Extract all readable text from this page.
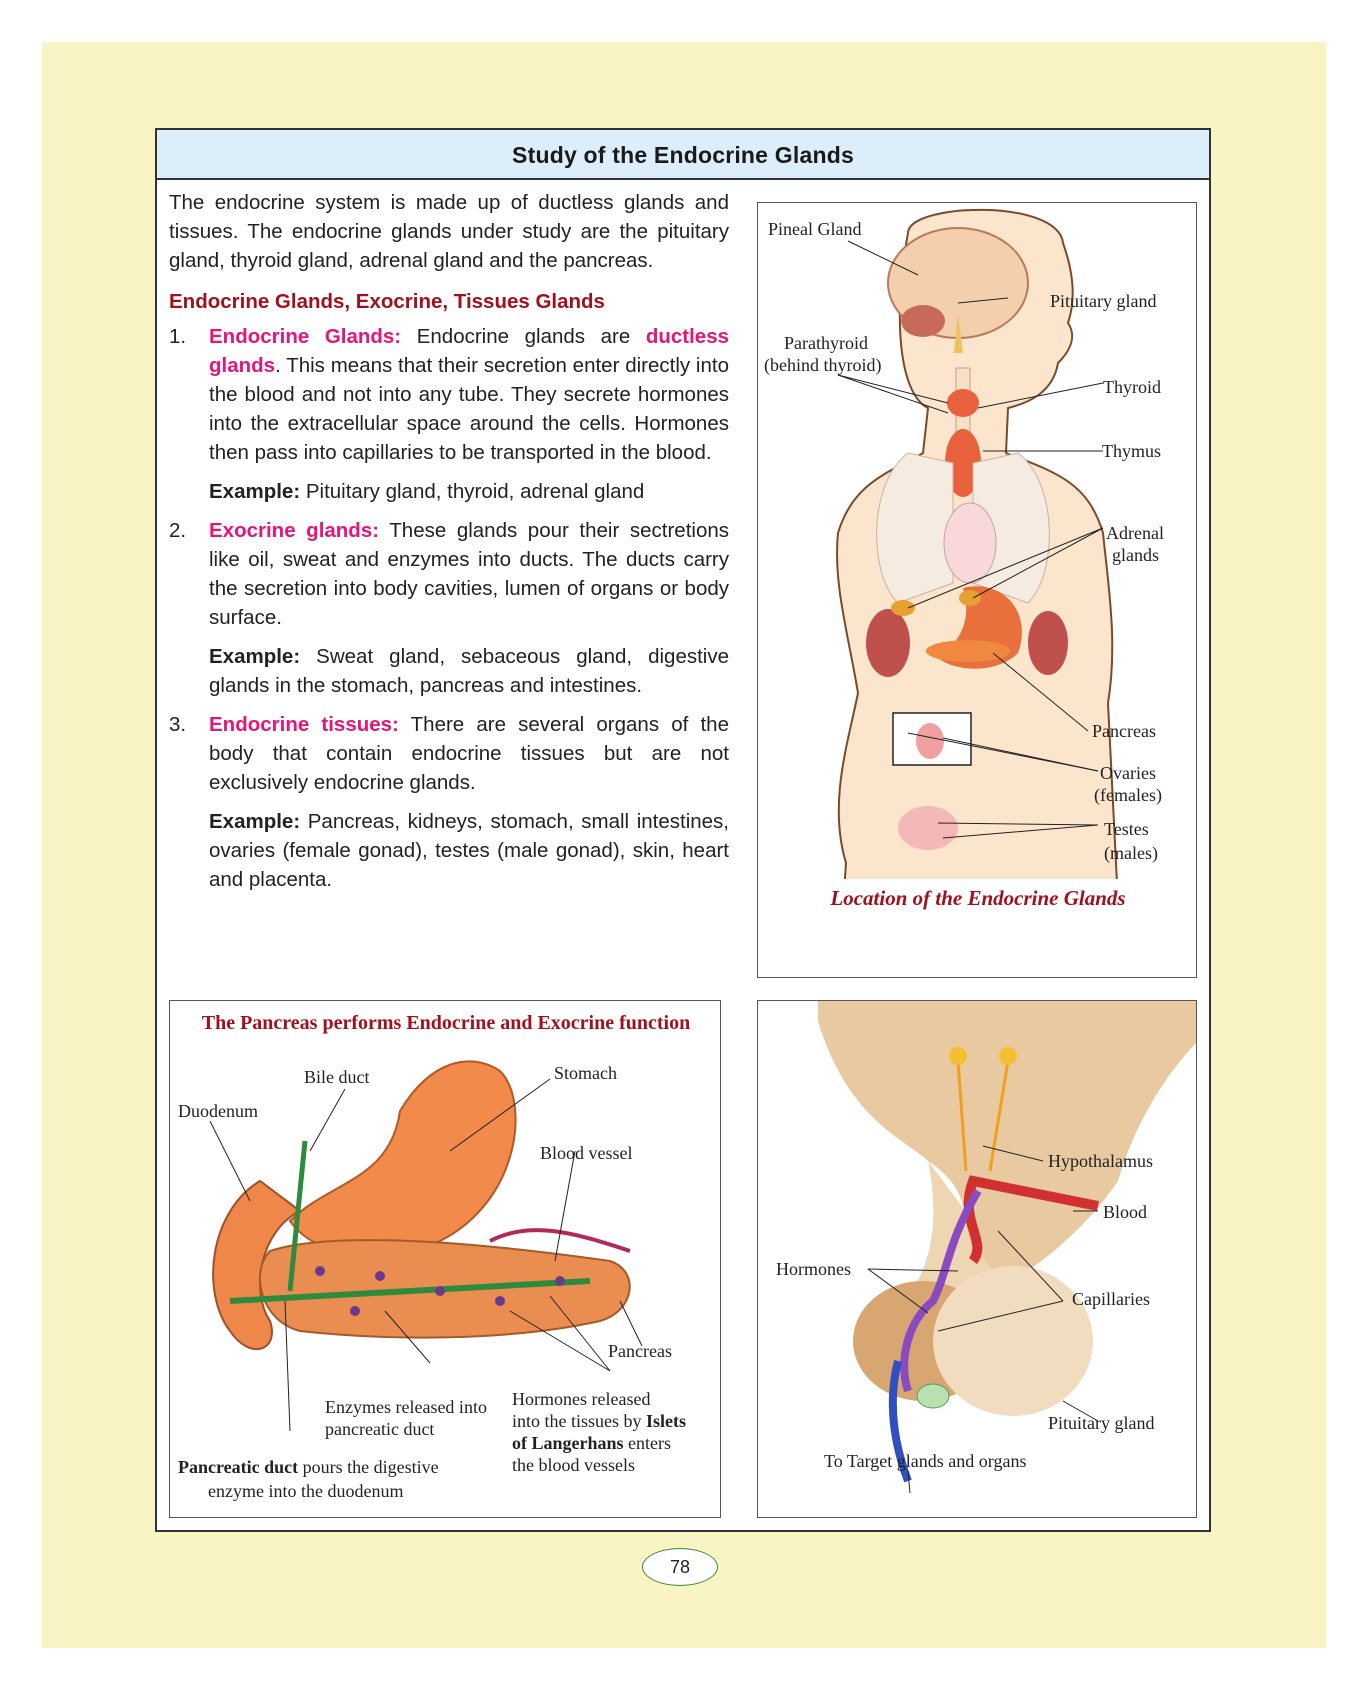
Study of the Endocrine Glands

The endocrine system is made up of ductless glands and tissues. The endocrine glands under study are the pituitary gland, thyroid gland, adrenal gland and the pancreas.

Endocrine Glands, Exocrine, Tissues Glands

1. Endocrine Glands: Endocrine glands are ductless glands. This means that their secretion enter directly into the blood and not into any tube. They secrete hormones into the extracellular space around the cells. Hormones then pass into capillaries to be transported in the blood.
Example: Pituitary gland, thyroid, adrenal gland
2. Exocrine glands: These glands pour their sectretions like oil, sweat and enzymes into ducts. The ducts carry the secretion into body cavities, lumen of organs or body surface.
Example: Sweat gland, sebaceous gland, digestive glands in the stomach, pancreas and intestines.
3. Endocrine tissues: There are several organs of the body that contain endocrine tissues but are not exclusively endocrine glands.
Example: Pancreas, kidneys, stomach, small intestines, ovaries (female gonad), testes (male gonad), skin, heart and placenta.
Pineal Gland
Pituitary gland
Parathyroid
(behind thyroid)
Thyroid
Thymus
Adrenal
glands
Pancreas
Ovaries
(females)
Testes
(males)
Location of the Endocrine Glands
The Pancreas performs Endocrine and Exocrine function
Bile duct	Stomach
Duodenum
Blood vessel
Pancreas
Enzymes released into
pancreatic duct
Hormones released
into the tissues by Islets
of Langerhans enters
the blood vessels
Pancreatic duct pours the digestive
enzyme into the duodenum
Hypothalamus
Blood
Hormones
Capillaries
Pituitary gland
To Target glands and organs
78
